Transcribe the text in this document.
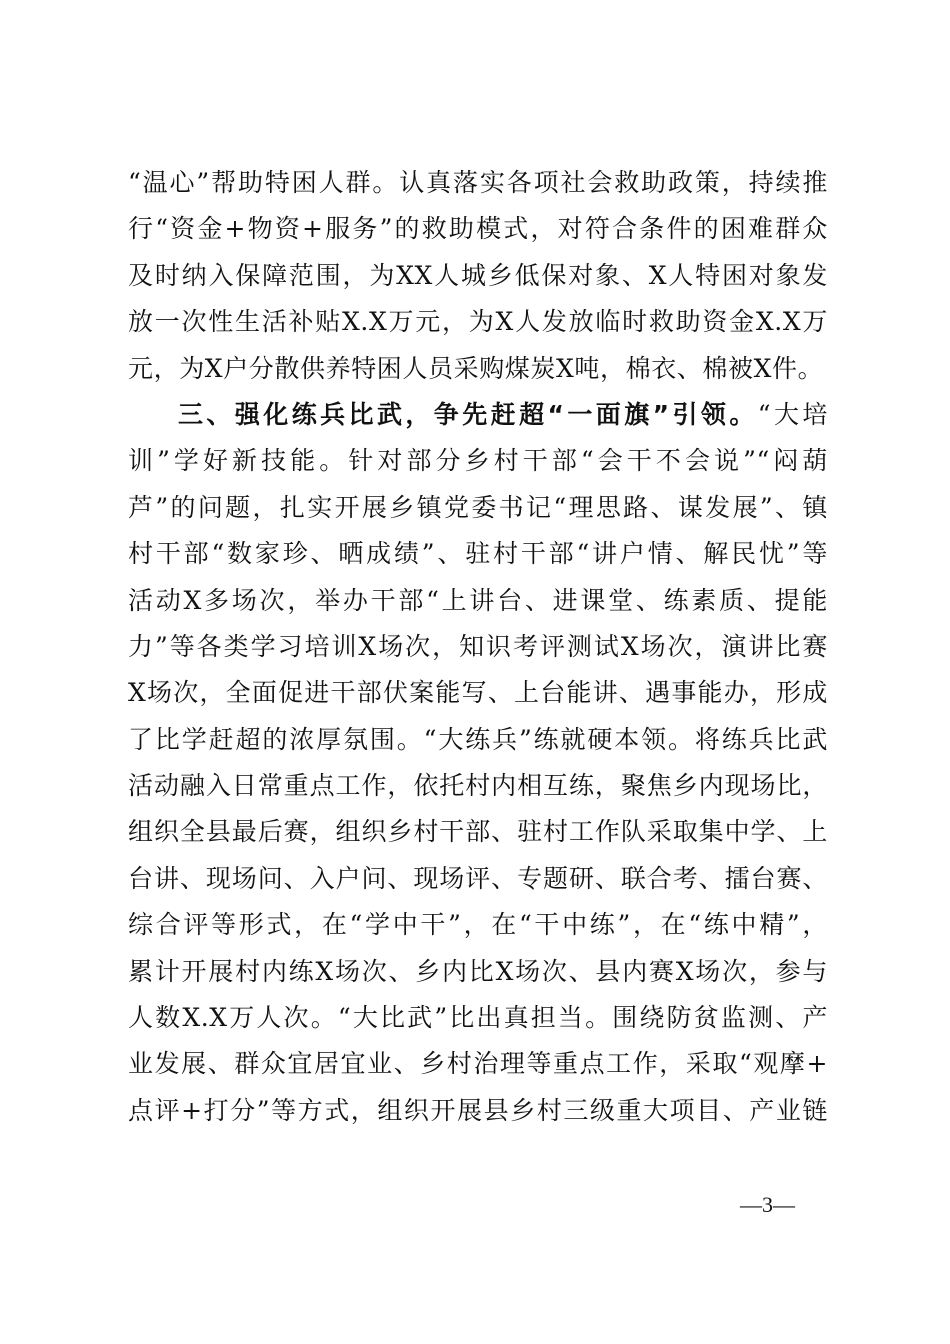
“温心”帮助特困人群。认真落实各项社会救助政策，持续推
行“资金+物资+服务”的救助模式，对符合条件的困难群众
及时纳入保障范围，为XX人城乡低保对象、X人特困对象发
放一次性生活补贴X.X万元，为X人发放临时救助资金X.X万
元，为X户分散供养特困人员采购煤炭X吨，棉衣、棉被X件。
三、强化练兵比武，争先赶超“一面旗”引领。“大培
训”学好新技能。针对部分乡村干部“会干不会说”“闷葫
芦”的问题，扎实开展乡镇党委书记“理思路、谋发展”、镇
村干部“数家珍、晒成绩”、驻村干部“讲户情、解民忧”等
活动X多场次，举办干部“上讲台、进课堂、练素质、提能
力”等各类学习培训X场次，知识考评测试X场次，演讲比赛
X场次，全面促进干部伏案能写、上台能讲、遇事能办，形成
了比学赶超的浓厚氛围。“大练兵”练就硬本领。将练兵比武
活动融入日常重点工作，依托村内相互练，聚焦乡内现场比，
组织全县最后赛，组织乡村干部、驻村工作队采取集中学、上
台讲、现场问、入户问、现场评、专题研、联合考、擂台赛、
综合评等形式，在“学中干”，在“干中练”，在“练中精”，
累计开展村内练X场次、乡内比X场次、县内赛X场次，参与
人数X.X万人次。“大比武”比出真担当。围绕防贫监测、产
业发展、群众宜居宜业、乡村治理等重点工作，采取“观摩+
点评+打分”等方式，组织开展县乡村三级重大项目、产业链
—3—
